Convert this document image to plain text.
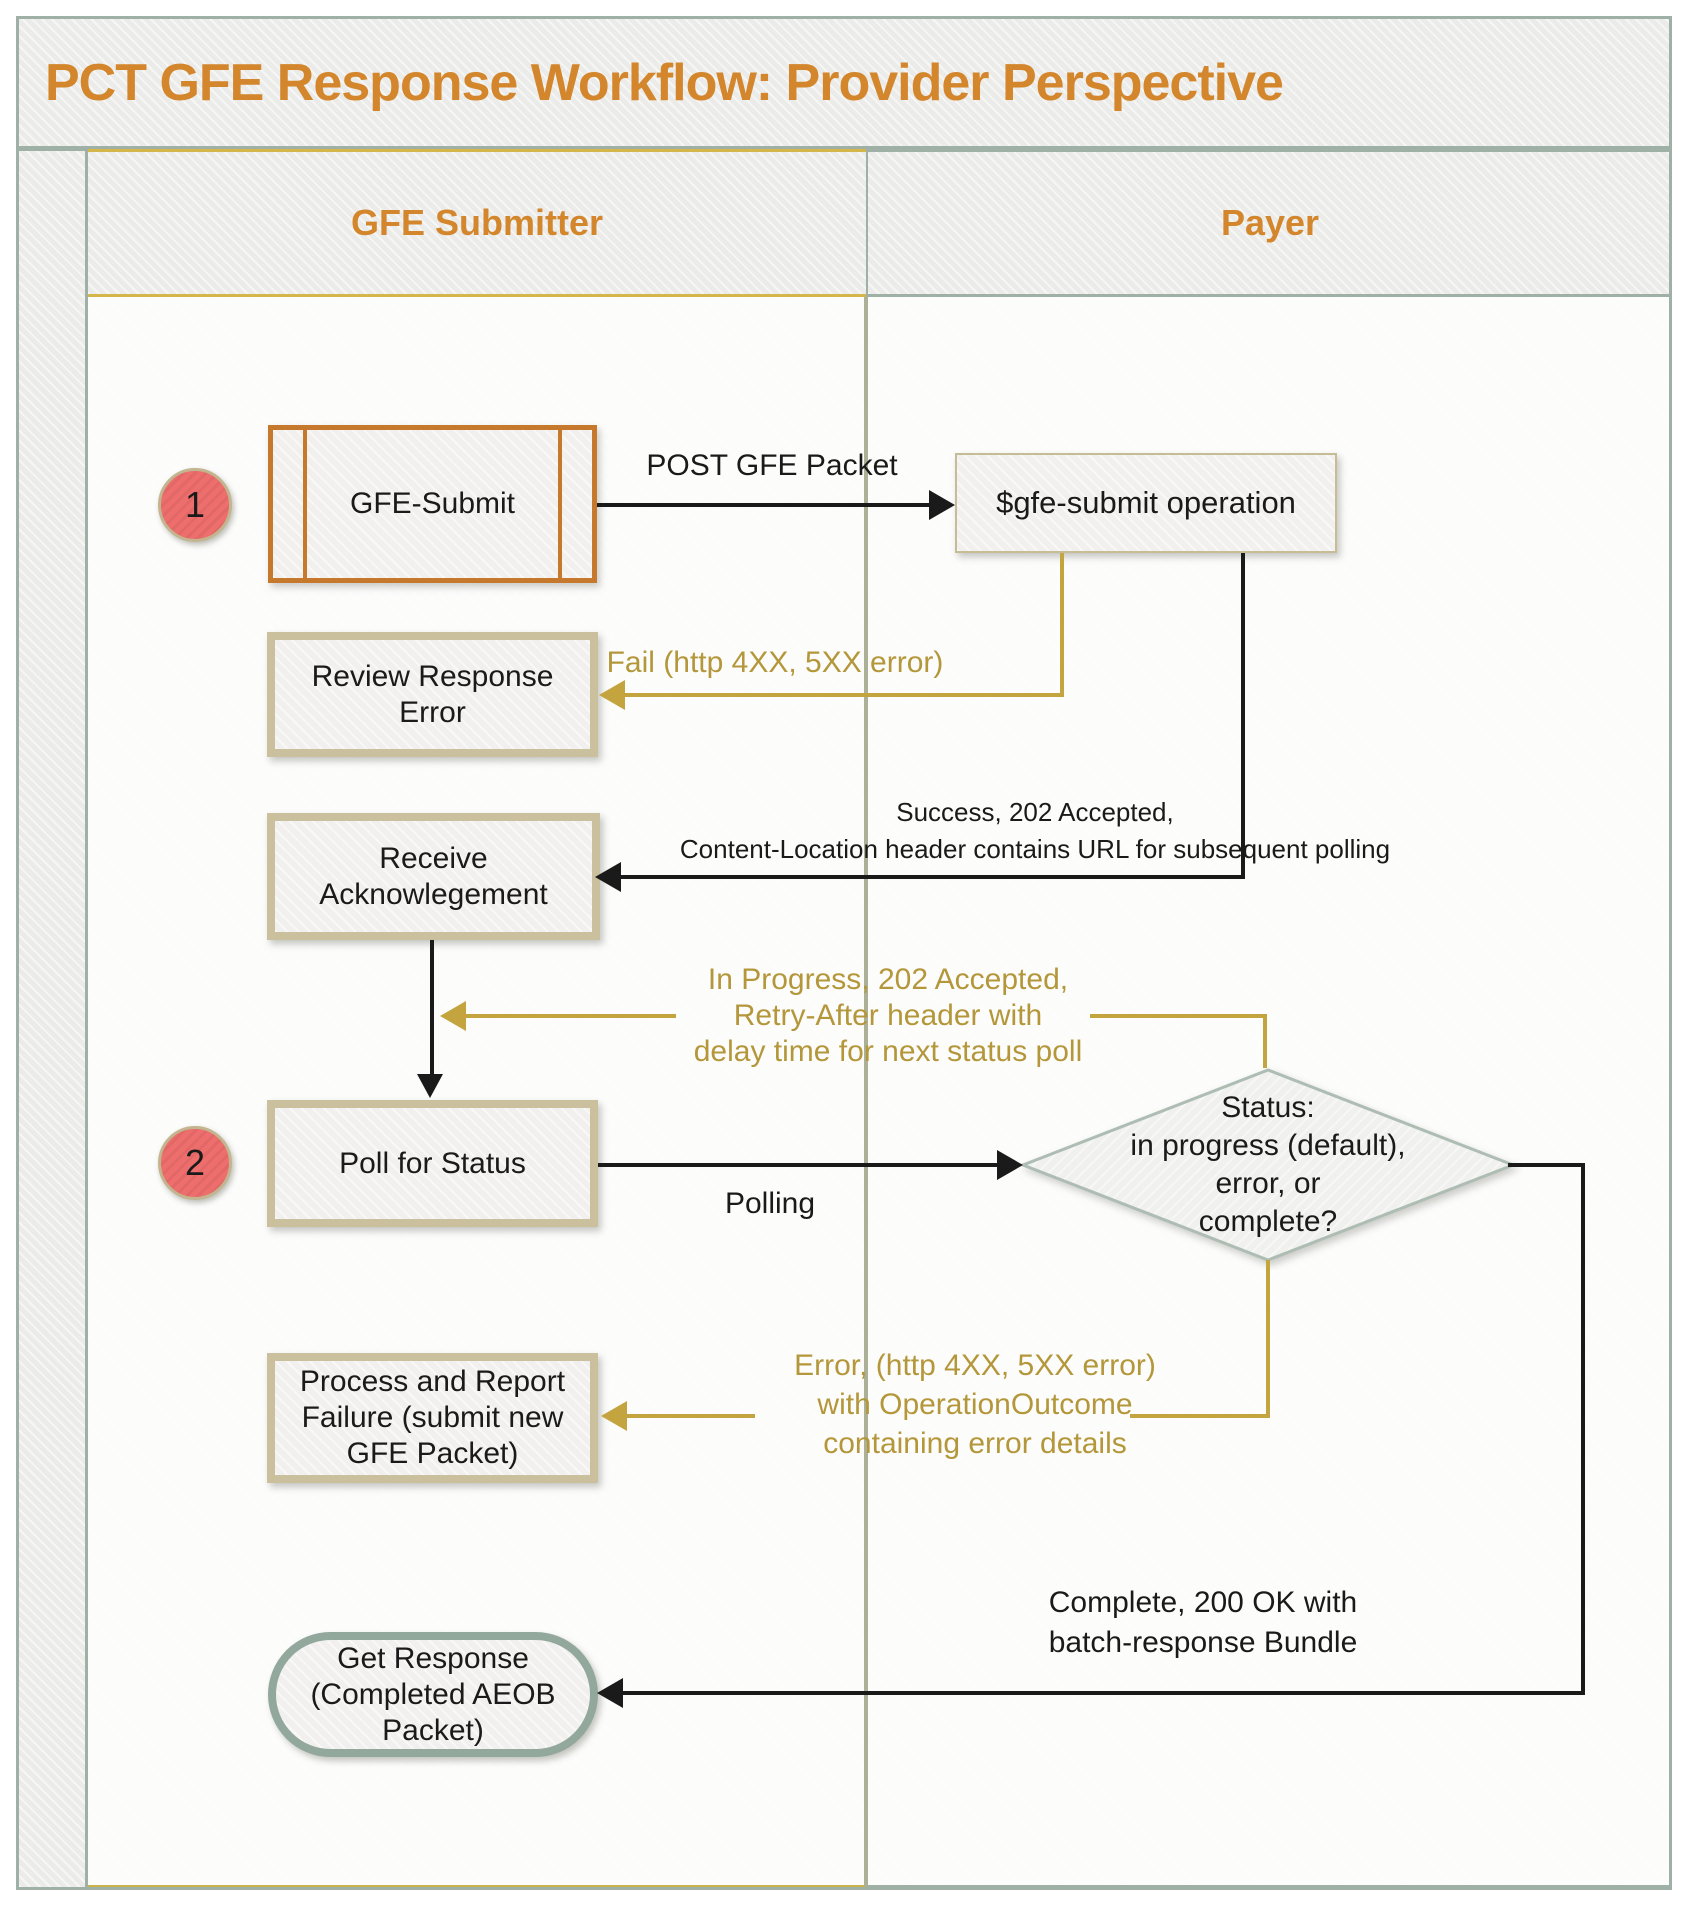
PCT GFE Response Workflow: Provider Perspective
GFE Submitter	Payer
1
2
GFE-Submit
Review Response
Error
Receive
Acknowlegement
Poll for Status
Process and Report
Failure (submit new
GFE Packet)
Get Response
(Completed AEOB
Packet)
$gfe-submit operation
Status:
in progress (default),
error, or
complete?
POST GFE Packet
Fail (http 4XX, 5XX error)
Success, 202 Accepted,
Content-Location header contains URL for subsequent polling
In Progress, 202 Accepted,
Retry-After header with
delay time for next status poll
Polling
Error, (http 4XX, 5XX error)
with OperationOutcome
containing error details
Complete, 200 OK with
batch-response Bundle
